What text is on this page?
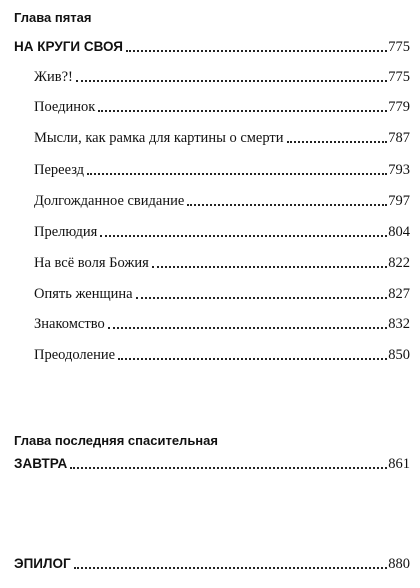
Глава пятая
НА КРУГИ СВОЯ	775
Жив?!	775
Поединок	779
Мысли, как рамка для картины о смерти	787
Переезд	793
Долгожданное свидание	797
Прелюдия	804
На всё воля Божия	822
Опять женщина	827
Знакомство	832
Преодоление	850
Глава последняя спасительная
ЗАВТРА	861
ЭПИЛОГ	880
